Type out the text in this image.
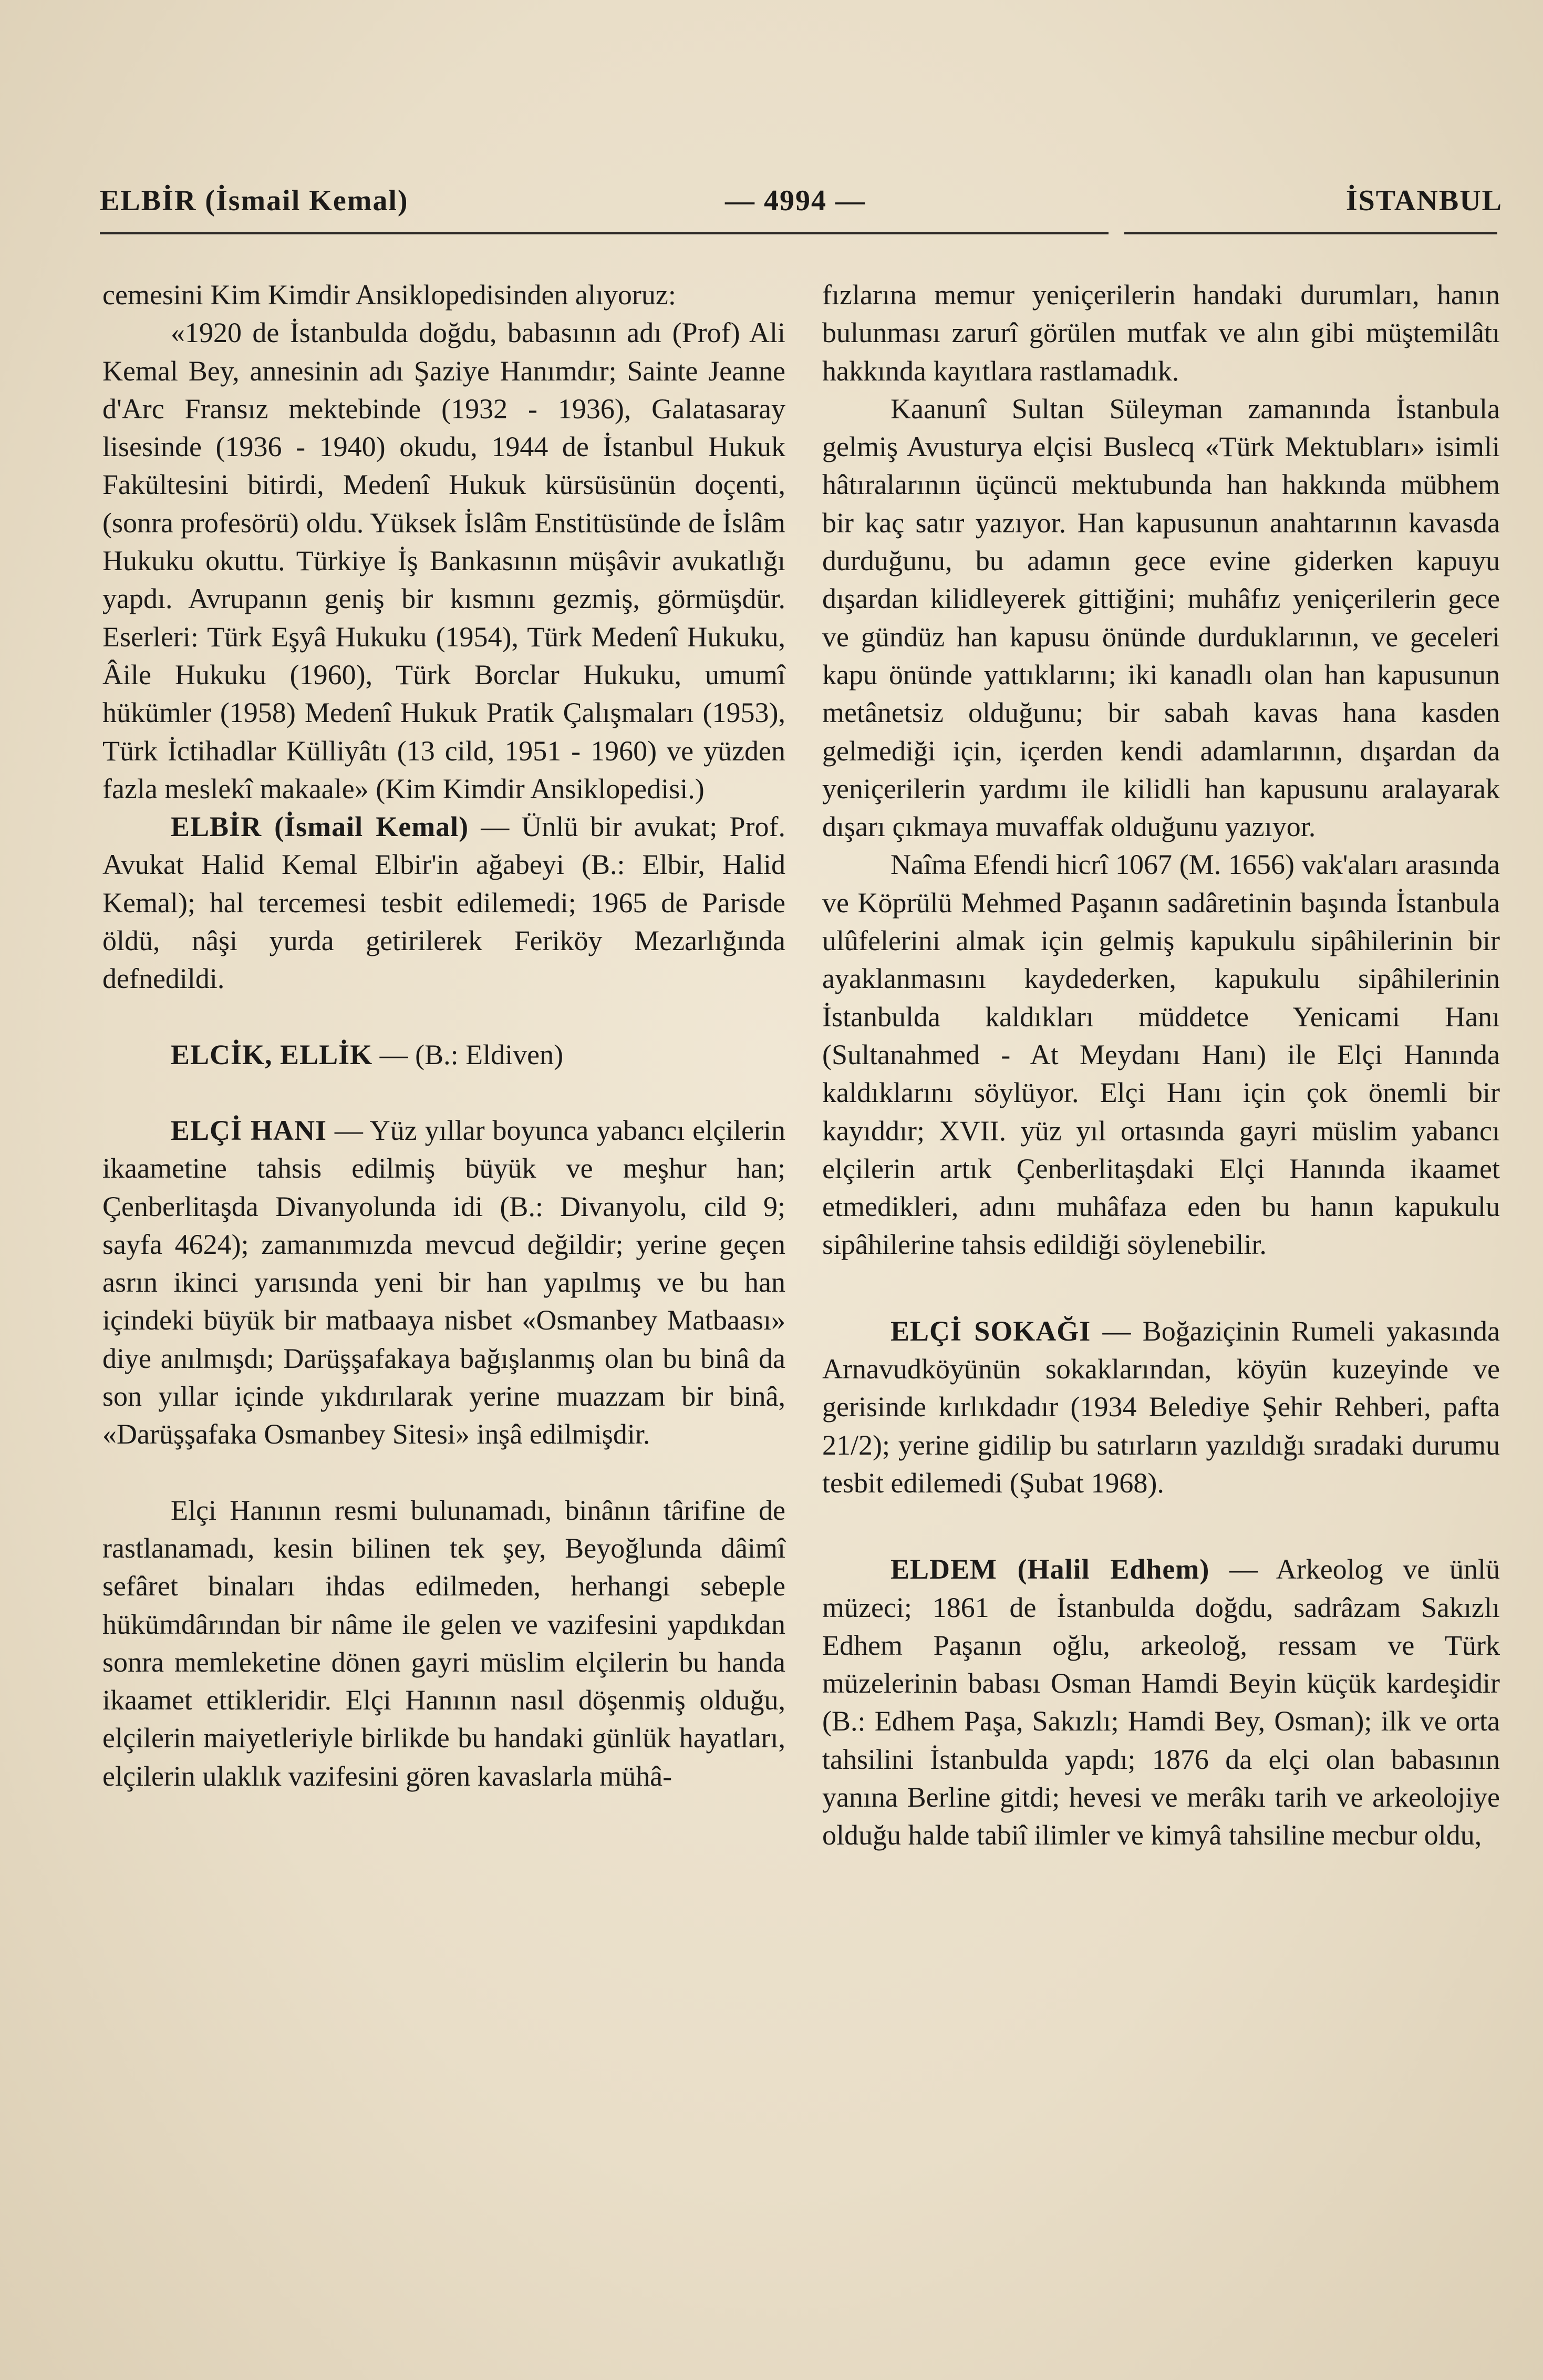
ELBİR (İsmail Kemal)	— 4994 —	İSTANBUL

cemesini Kim Kimdir Ansiklopedisinden alıyoruz:

«1920 de İstanbulda doğdu, babasının adı (Prof) Ali Kemal Bey, annesinin adı Şaziye Hanımdır; Sainte Jeanne d'Arc Fransız mektebinde (1932 - 1936), Galatasaray lisesinde (1936 - 1940) okudu, 1944 de İstanbul Hukuk Fakültesini bitirdi, Medenî Hukuk kürsüsünün doçenti, (sonra profesörü) oldu. Yüksek İslâm Enstitüsünde de İslâm Hukuku okuttu. Türkiye İş Bankasının müşâvir avukatlığı yapdı. Avrupanın geniş bir kısmını gezmiş, görmüşdür. Eserleri: Türk Eşyâ Hukuku (1954), Türk Medenî Hukuku, Âile Hukuku (1960), Türk Borclar Hukuku, umumî hükümler (1958) Medenî Hukuk Pratik Çalışmaları (1953), Türk İctihadlar Külliyâtı (13 cild, 1951 - 1960) ve yüzden fazla meslekî makaale» (Kim Kimdir Ansiklopedisi.)

ELBİR (İsmail Kemal) — Ünlü bir avukat; Prof. Avukat Halid Kemal Elbir'in ağabeyi (B.: Elbir, Halid Kemal); hal tercemesi tesbit edilemedi; 1965 de Parisde öldü, nâşi yurda getirilerek Feriköy Mezarlığında defnedildi.

ELCİK, ELLİK — (B.: Eldiven)

ELÇİ HANI — Yüz yıllar boyunca yabancı elçilerin ikaametine tahsis edilmiş büyük ve meşhur han; Çenberlitaşda Divanyolunda idi (B.: Divanyolu, cild 9; sayfa 4624); zamanımızda mevcud değildir; yerine geçen asrın ikinci yarısında yeni bir han yapılmış ve bu han içindeki büyük bir matbaaya nisbet «Osmanbey Matbaası» diye anılmışdı; Darüşşafakaya bağışlanmış olan bu binâ da son yıllar içinde yıkdırılarak yerine muazzam bir binâ, «Darüşşafaka Osmanbey Sitesi» inşâ edilmişdir.

Elçi Hanının resmi bulunamadı, binânın târifine de rastlanamadı, kesin bilinen tek şey, Beyoğlunda dâimî sefâret binaları ihdas edilmeden, herhangi sebeple hükümdârından bir nâme ile gelen ve vazifesini yapdıkdan sonra memleketine dönen gayri müslim elçilerin bu handa ikaamet ettikleridir. Elçi Hanının nasıl döşenmiş olduğu, elçilerin maiyetleriyle birlikde bu handaki günlük hayatları, elçilerin ulaklık vazifesini gören kavaslarla mühâ-

fızlarına memur yeniçerilerin handaki durumları, hanın bulunması zarurî görülen mutfak ve alın gibi müştemilâtı hakkında kayıtlara rastlamadık.

Kaanunî Sultan Süleyman zamanında İstanbula gelmiş Avusturya elçisi Buslecq «Türk Mektubları» isimli hâtıralarının üçüncü mektubunda han hakkında mübhem bir kaç satır yazıyor. Han kapusunun anahtarının kavasda durduğunu, bu adamın gece evine giderken kapuyu dışardan kilidleyerek gittiğini; muhâfız yeniçerilerin gece ve gündüz han kapusu önünde durduklarının, ve geceleri kapu önünde yattıklarını; iki kanadlı olan han kapusunun metânetsiz olduğunu; bir sabah kavas hana kasden gelmediği için, içerden kendi adamlarının, dışardan da yeniçerilerin yardımı ile kilidli han kapusunu aralayarak dışarı çıkmaya muvaffak olduğunu yazıyor.

Naîma Efendi hicrî 1067 (M. 1656) vak'aları arasında ve Köprülü Mehmed Paşanın sadâretinin başında İstanbula ulûfelerini almak için gelmiş kapukulu sipâhilerinin bir ayaklanmasını kaydederken, kapukulu sipâhilerinin İstanbulda kaldıkları müddetce Yenicami Hanı (Sultanahmed - At Meydanı Hanı) ile Elçi Hanında kaldıklarını söylüyor. Elçi Hanı için çok önemli bir kayıddır; XVII. yüz yıl ortasında gayri müslim yabancı elçilerin artık Çenberlitaşdaki Elçi Hanında ikaamet etmedikleri, adını muhâfaza eden bu hanın kapukulu sipâhilerine tahsis edildiği söylenebilir.

ELÇİ SOKAĞI — Boğaziçinin Rumeli yakasında Arnavudköyünün sokaklarından, köyün kuzeyinde ve gerisinde kırlıkdadır (1934 Belediye Şehir Rehberi, pafta 21/2); yerine gidilip bu satırların yazıldığı sıradaki durumu tesbit edilemedi (Şubat 1968).

ELDEM (Halil Edhem) — Arkeolog ve ünlü müzeci; 1861 de İstanbulda doğdu, sadrâzam Sakızlı Edhem Paşanın oğlu, arkeoloğ, ressam ve Türk müzelerinin babası Osman Hamdi Beyin küçük kardeşidir (B.: Edhem Paşa, Sakızlı; Hamdi Bey, Osman); ilk ve orta tahsilini İstanbulda yapdı; 1876 da elçi olan babasının yanına Berline gitdi; hevesi ve merâkı tarih ve arkeolojiye olduğu halde tabiî ilimler ve kimyâ tahsiline mecbur oldu,
